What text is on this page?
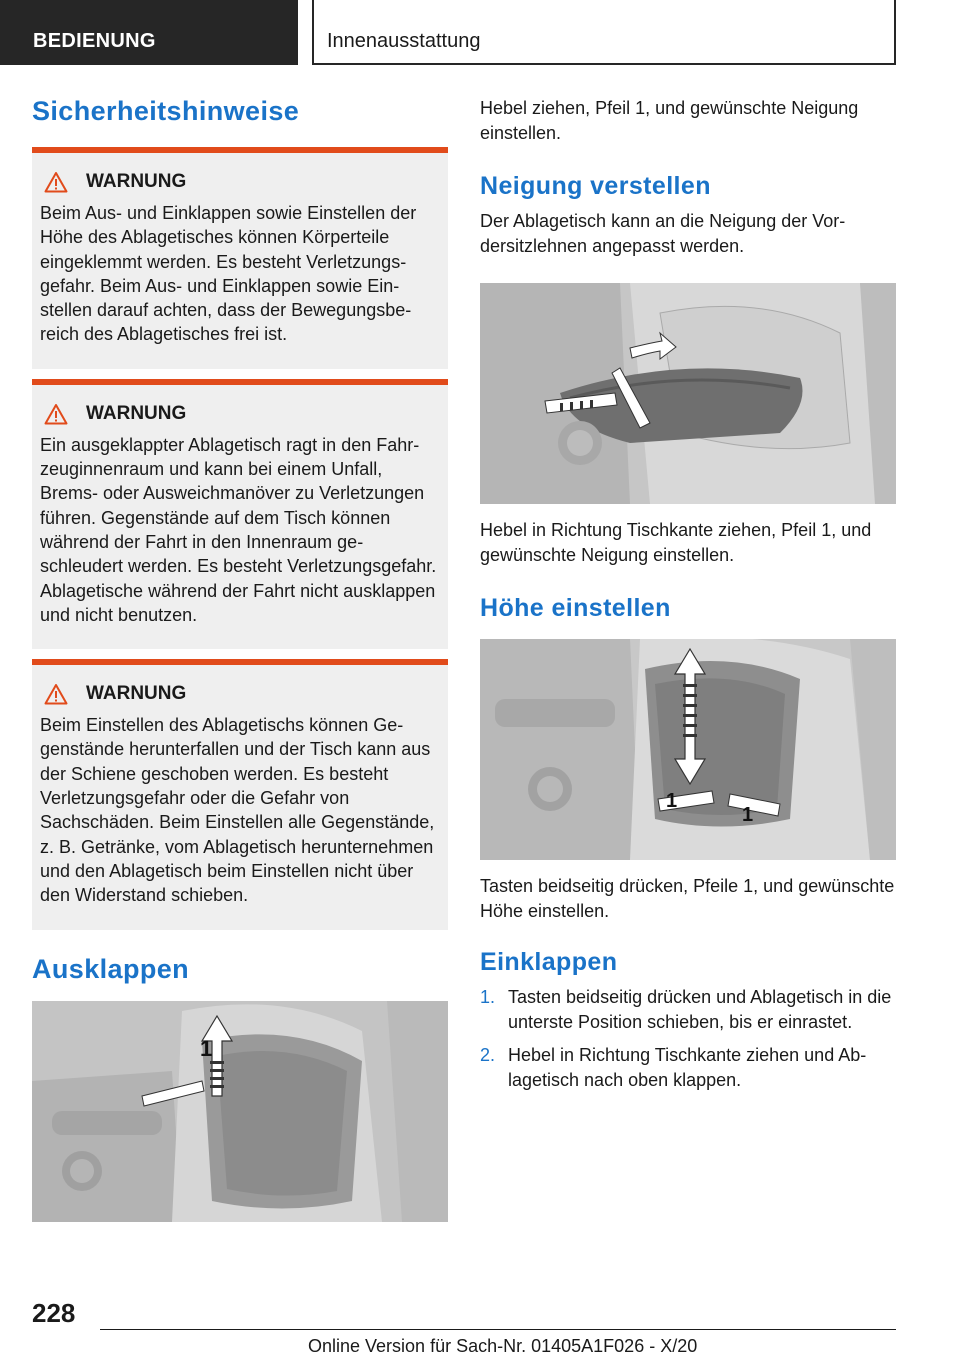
BEDIENUNG	Innenausstattung
Sicherheitshinweise
WARNUNG
Beim Aus- und Einklappen sowie Einstellen der Höhe des Ablagetisches können Körperteile eingeklemmt werden. Es besteht Verletzungsgefahr. Beim Aus- und Einklappen sowie Einstellen darauf achten, dass der Bewegungsbereich des Ablagetisches frei ist.
WARNUNG
Ein ausgeklappter Ablagetisch ragt in den Fahrzeuginnenraum und kann bei einem Unfall, Brems- oder Ausweichmanöver zu Verletzungen führen. Gegenstände auf dem Tisch können während der Fahrt in den Innenraum geschleudert werden. Es besteht Verletzungsgefahr. Ablagetische während der Fahrt nicht ausklappen und nicht benutzen.
WARNUNG
Beim Einstellen des Ablagetischs können Gegenstände herunterfallen und der Tisch kann aus der Schiene geschoben werden. Es besteht Verletzungsgefahr oder die Gefahr von Sachschäden. Beim Einstellen alle Gegenstände, z. B. Getränke, vom Ablagetisch herunternehmen und den Ablagetisch beim Einstellen nicht über den Widerstand schieben.
Ausklappen
1

Hebel ziehen, Pfeil 1, und gewünschte Neigung einstellen.

Neigung verstellen

Der Ablagetisch kann an die Neigung der Vordersitzlehnen angepasst werden.

Hebel in Richtung Tischkante ziehen, Pfeil 1, und gewünschte Neigung einstellen.

Höhe einstellen
1
1

Tasten beidseitig drücken, Pfeile 1, und gewünschte Höhe einstellen.

Einklappen
1. Tasten beidseitig drücken und Ablagetisch in die unterste Position schieben, bis er einrastet.
2. Hebel in Richtung Tischkante ziehen und Ablagetisch nach oben klappen.
228
Online Version für Sach-Nr. 01405A1F026 - X/20
